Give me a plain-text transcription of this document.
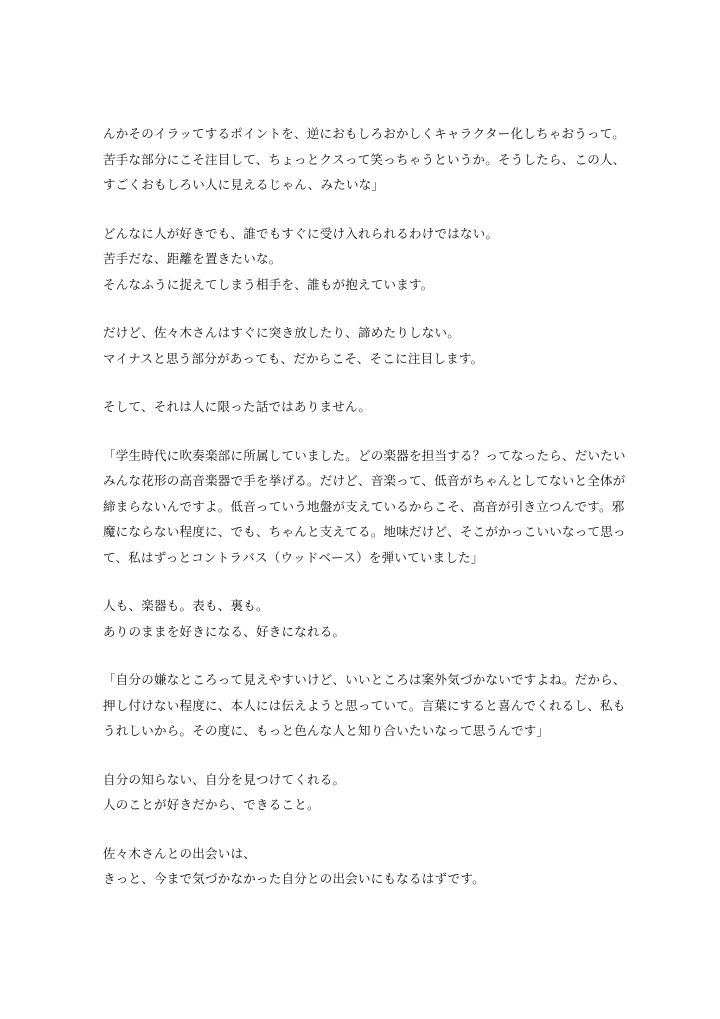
んかそのイラッてするポイントを、逆におもしろおかしくキャラクター化しちゃおうって。
苦手な部分にこそ注目して、ちょっとクスって笑っちゃうというか。そうしたら、この人、
すごくおもしろい人に見えるじゃん、みたいな」
どんなに人が好きでも、誰でもすぐに受け入れられるわけではない。
苦手だな、距離を置きたいな。
そんなふうに捉えてしまう相手を、誰もが抱えています。
だけど、佐々木さんはすぐに突き放したり、諦めたりしない。
マイナスと思う部分があっても、だからこそ、そこに注目します。
そして、それは人に限った話ではありません。
「学生時代に吹奏楽部に所属していました。どの楽器を担当する？ってなったら、だいたい
みんな花形の高音楽器で手を挙げる。だけど、音楽って、低音がちゃんとしてないと全体が
締まらないんですよ。低音っていう地盤が支えているからこそ、高音が引き立つんです。邪
魔にならない程度に、でも、ちゃんと支えてる。地味だけど、そこがかっこいいなって思っ
て、私はずっとコントラバス（ウッドベース）を弾いていました」
人も、楽器も。表も、裏も。
ありのままを好きになる、好きになれる。
「自分の嫌なところって見えやすいけど、いいところは案外気づかないですよね。だから、
押し付けない程度に、本人には伝えようと思っていて。言葉にすると喜んでくれるし、私も
うれしいから。その度に、もっと色んな人と知り合いたいなって思うんです」
自分の知らない、自分を見つけてくれる。
人のことが好きだから、できること。
佐々木さんとの出会いは、
きっと、今まで気づかなかった自分との出会いにもなるはずです。
